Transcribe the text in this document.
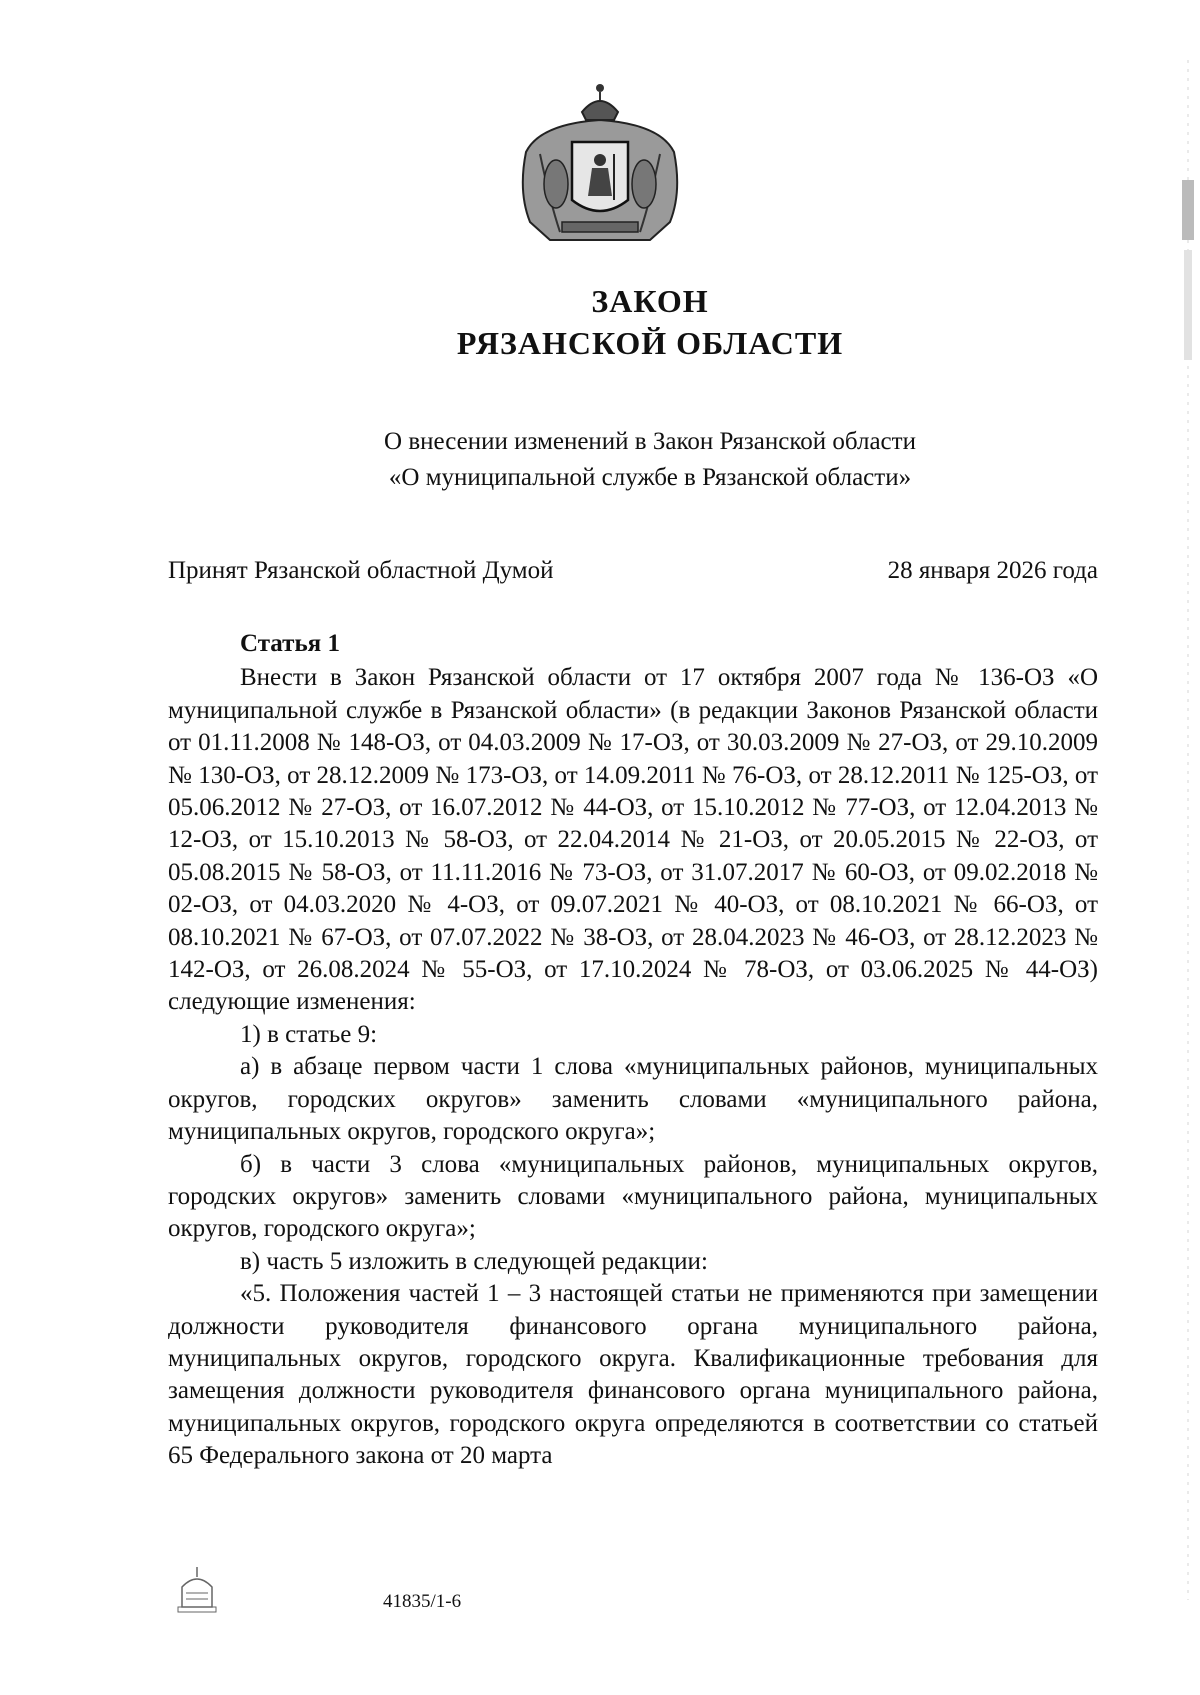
ЗАКОН
РЯЗАНСКОЙ ОБЛАСТИ
О внесении изменений в Закон Рязанской области
«О муниципальной службе в Рязанской области»
Принят Рязанской областной Думой	28 января 2026 года
Статья 1

Внести в Закон Рязанской области от 17 октября 2007 года № 136-ОЗ «О муниципальной службе в Рязанской области» (в редакции Законов Рязанской области от 01.11.2008 № 148-ОЗ, от 04.03.2009 № 17-ОЗ, от 30.03.2009 № 27-ОЗ, от 29.10.2009 № 130-ОЗ, от 28.12.2009 № 173-ОЗ, от 14.09.2011 № 76-ОЗ, от 28.12.2011 № 125-ОЗ, от 05.06.2012 № 27-ОЗ, от 16.07.2012 № 44-ОЗ, от 15.10.2012 № 77-ОЗ, от 12.04.2013 № 12-ОЗ, от 15.10.2013 № 58-ОЗ, от 22.04.2014 № 21-ОЗ, от 20.05.2015 № 22-ОЗ, от 05.08.2015 № 58-ОЗ, от 11.11.2016 № 73-ОЗ, от 31.07.2017 № 60-ОЗ, от 09.02.2018 № 02-ОЗ, от 04.03.2020 № 4-ОЗ, от 09.07.2021 № 40-ОЗ, от 08.10.2021 № 66-ОЗ, от 08.10.2021 № 67-ОЗ, от 07.07.2022 № 38-ОЗ, от 28.04.2023 № 46-ОЗ, от 28.12.2023 № 142-ОЗ, от 26.08.2024 № 55-ОЗ, от 17.10.2024 № 78-ОЗ, от 03.06.2025 № 44-ОЗ) следующие изменения:

1) в статье 9:

а) в абзаце первом части 1 слова «муниципальных районов, муниципальных округов, городских округов» заменить словами «муниципального района, муниципальных округов, городского округа»;

б) в части 3 слова «муниципальных районов, муниципальных округов, городских округов» заменить словами «муниципального района, муниципальных округов, городского округа»;

в) часть 5 изложить в следующей редакции:

«5. Положения частей 1 – 3 настоящей статьи не применяются при замещении должности руководителя финансового органа муниципального района, муниципальных округов, городского округа. Квалификационные требования для замещения должности руководителя финансового органа муниципального района, муниципальных округов, городского округа определяются в соответствии со статьей 65 Федерального закона от 20 марта

41835/1-6
